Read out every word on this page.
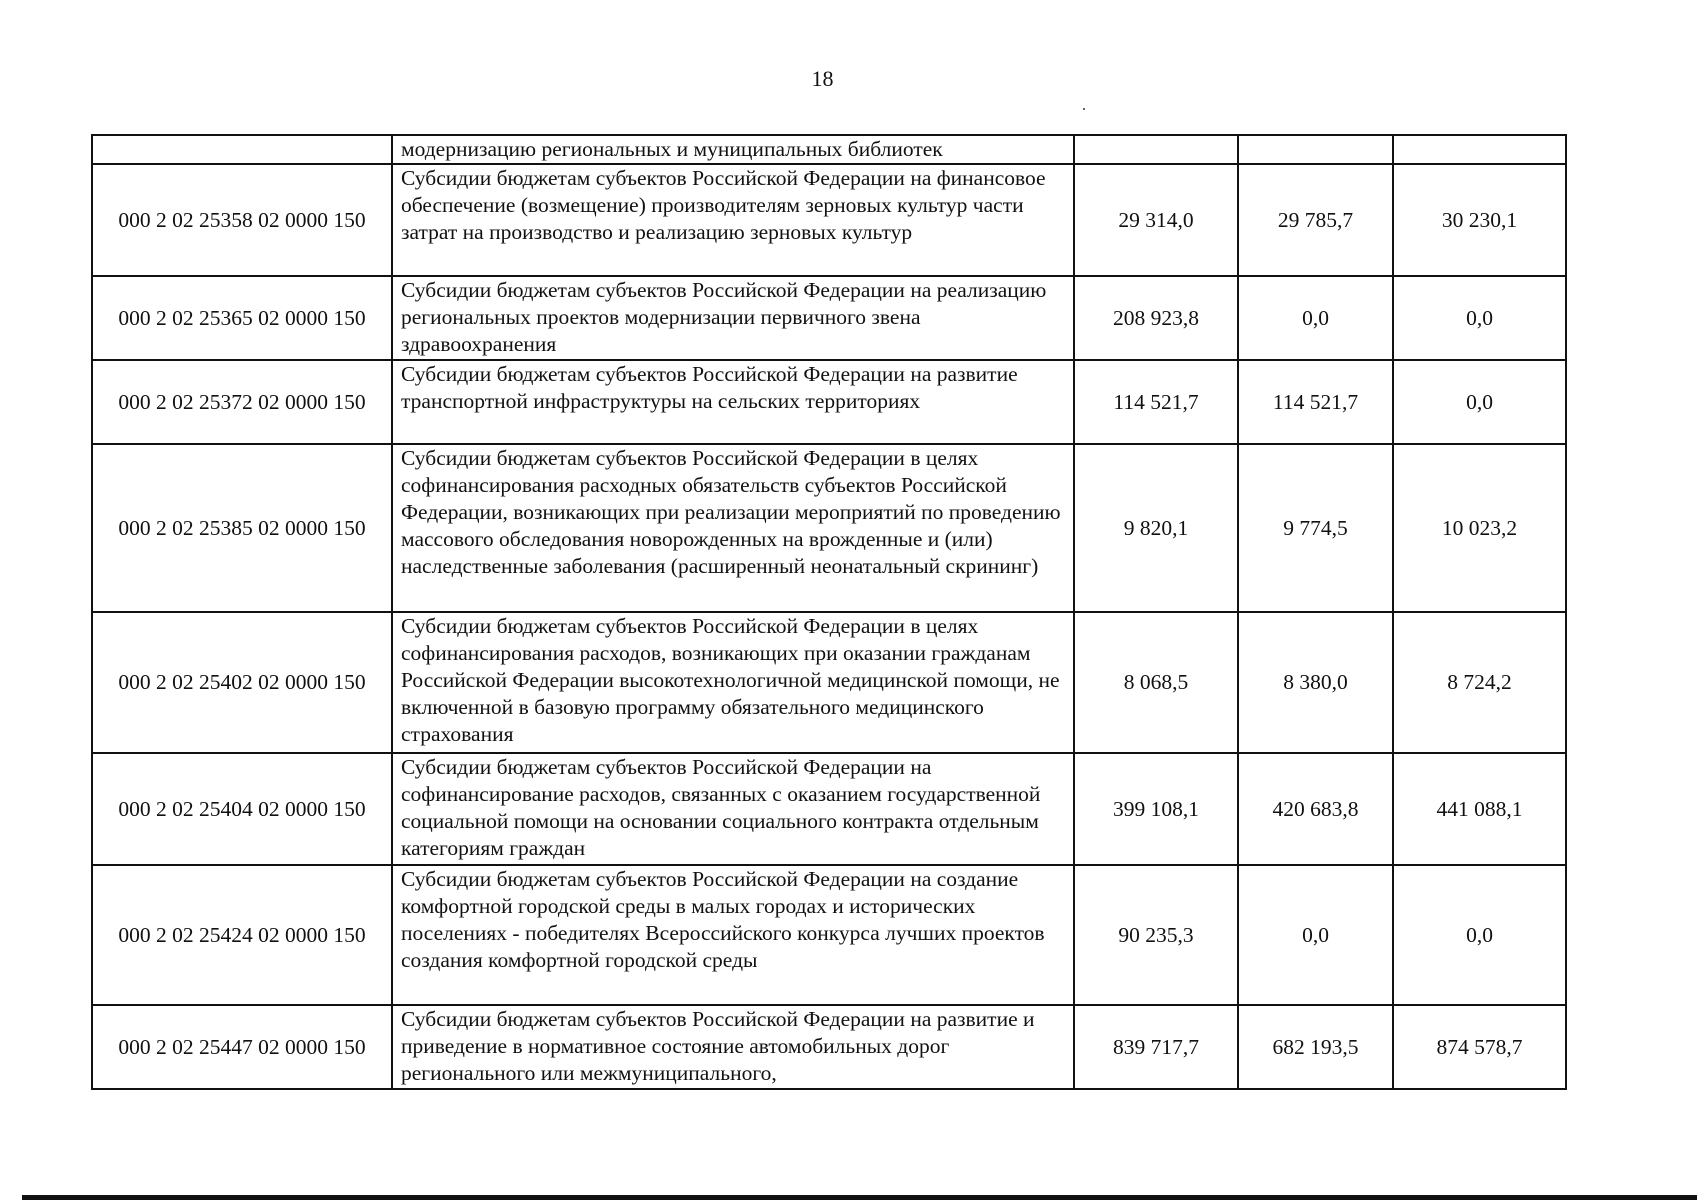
18
	модернизацию региональных и муниципальных библиотек			
000 2 02 25358 02 0000 150	Субсидии бюджетам субъектов Российской Федерации на финансовое обеспечение (возмещение) производителям зерновых культур части затрат на производство и реализацию зерновых культур	29 314,0	29 785,7	30 230,1
000 2 02 25365 02 0000 150	Субсидии бюджетам субъектов Российской Федерации на реализацию региональных проектов модернизации первичного звена здравоохранения	208 923,8	0,0	0,0
000 2 02 25372 02 0000 150	Субсидии бюджетам субъектов Российской Федерации на развитие транспортной инфраструктуры на сельских территориях	114 521,7	114 521,7	0,0
000 2 02 25385 02 0000 150	Субсидии бюджетам субъектов Российской Федерации в целях софинансирования расходных обязательств субъектов Российской Федерации, возникающих при реализации мероприятий по проведению массового обследования новорожденных на врожденные и (или) наследственные заболевания (расширенный неонатальный скрининг)	9 820,1	9 774,5	10 023,2
000 2 02 25402 02 0000 150	Субсидии бюджетам субъектов Российской Федерации в целях софинансирования расходов, возникающих при оказании гражданам Российской Федерации высокотехнологичной медицинской помощи, не включенной в базовую программу обязательного медицинского страхования	8 068,5	8 380,0	8 724,2
000 2 02 25404 02 0000 150	Субсидии бюджетам субъектов Российской Федерации на софинансирование расходов, связанных с оказанием государственной социальной помощи на основании социального контракта отдельным категориям граждан	399 108,1	420 683,8	441 088,1
000 2 02 25424 02 0000 150	Субсидии бюджетам субъектов Российской Федерации на создание комфортной городской среды в малых городах и исторических поселениях - победителях Всероссийского конкурса лучших проектов создания комфортной городской среды	90 235,3	0,0	0,0
000 2 02 25447 02 0000 150	Субсидии бюджетам субъектов Российской Федерации на развитие и приведение в нормативное состояние автомобильных дорог регионального или межмуниципального,	839 717,7	682 193,5	874 578,7
